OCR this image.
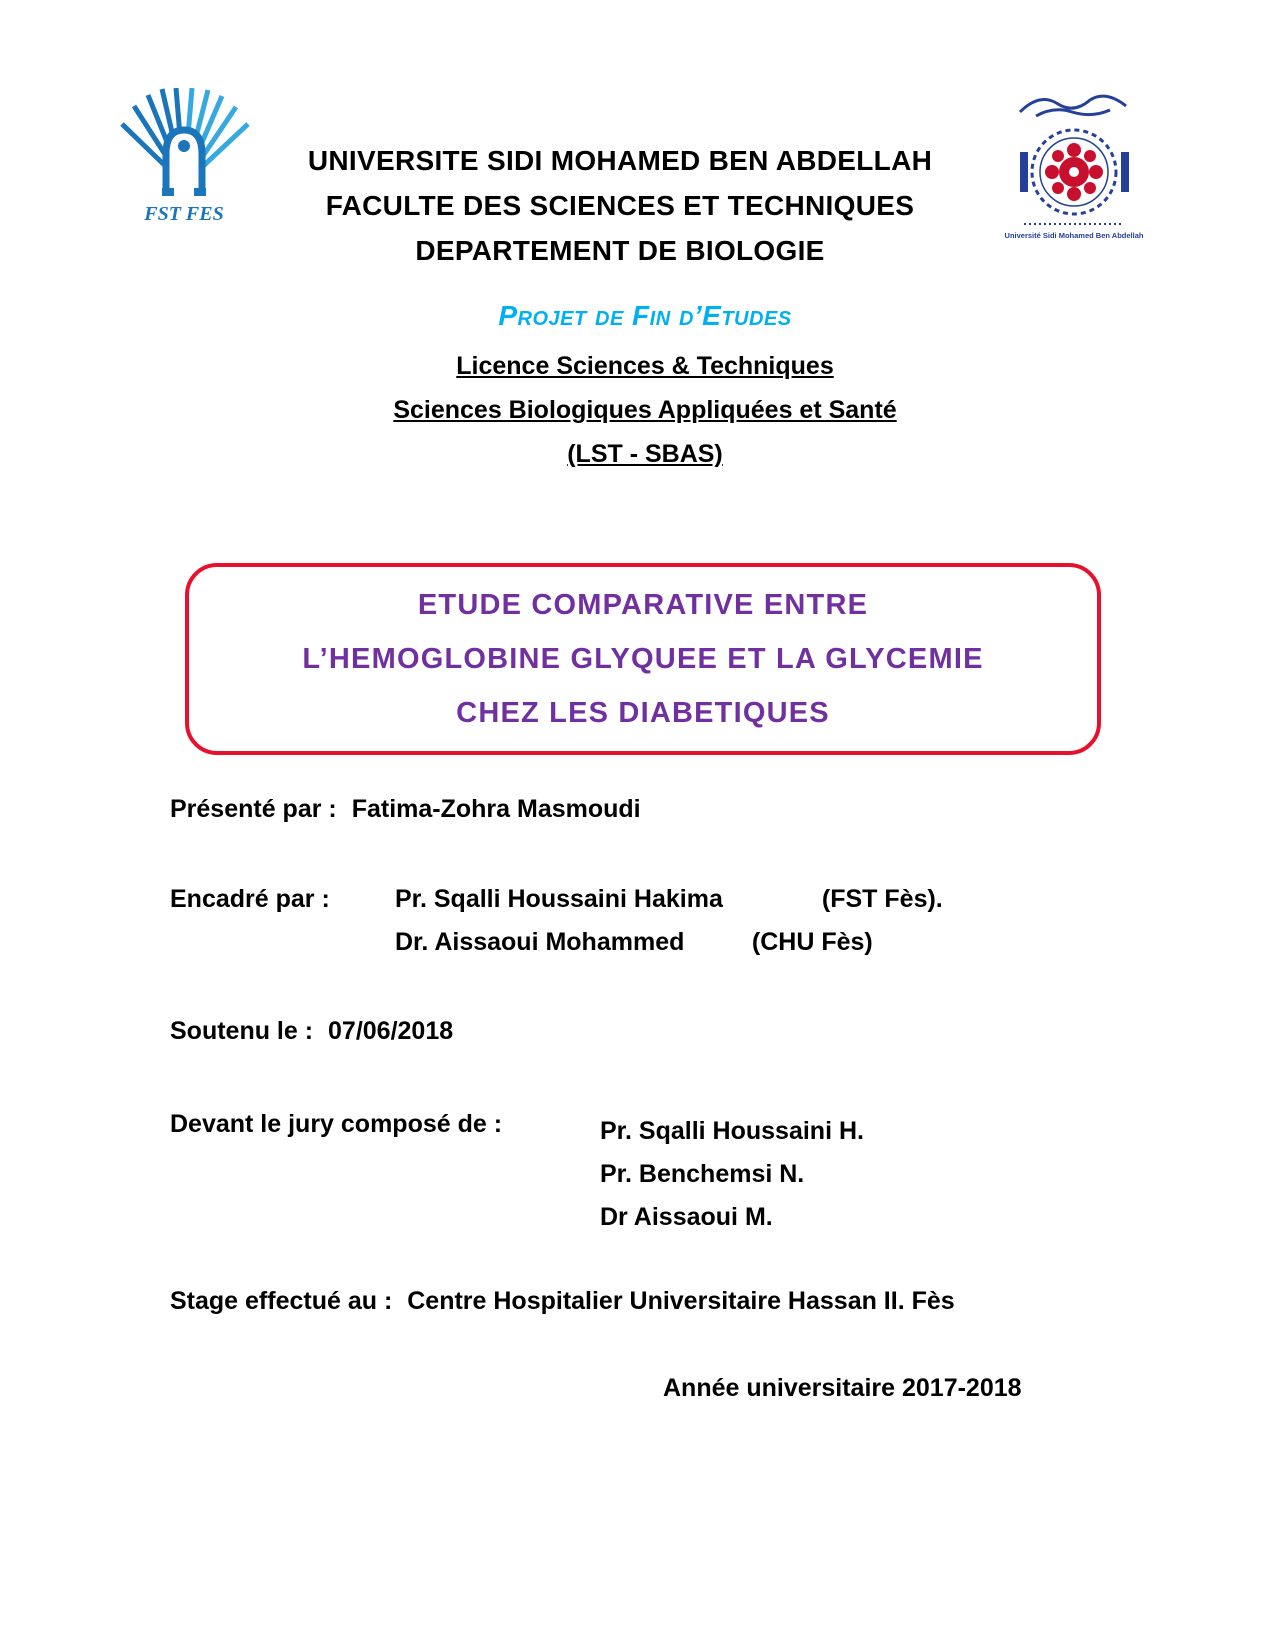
FST FES
Université Sidi Mohamed Ben Abdellah
UNIVERSITE SIDI MOHAMED BEN ABDELLAH
FACULTE DES SCIENCES ET TECHNIQUES
DEPARTEMENT DE BIOLOGIE
Projet de Fin d’Etudes
Licence Sciences & Techniques
Sciences Biologiques Appliquées et Santé
(LST - SBAS)
ETUDE COMPARATIVE ENTRE
L’HEMOGLOBINE GLYQUEE ET LA GLYCEMIE
CHEZ LES DIABETIQUES
Présenté par : Fatima-Zohra Masmoudi
Encadré par :	Pr. Sqalli Houssaini Hakima	(FST Fès).
Dr. Aissaoui Mohammed	(CHU Fès)
Soutenu le : 07/06/2018
Devant le jury composé de :	Pr. Sqalli Houssaini H.
Pr. Benchemsi N.
Dr Aissaoui M.
Stage effectué au : Centre Hospitalier Universitaire Hassan II. Fès
Année universitaire 2017-2018
